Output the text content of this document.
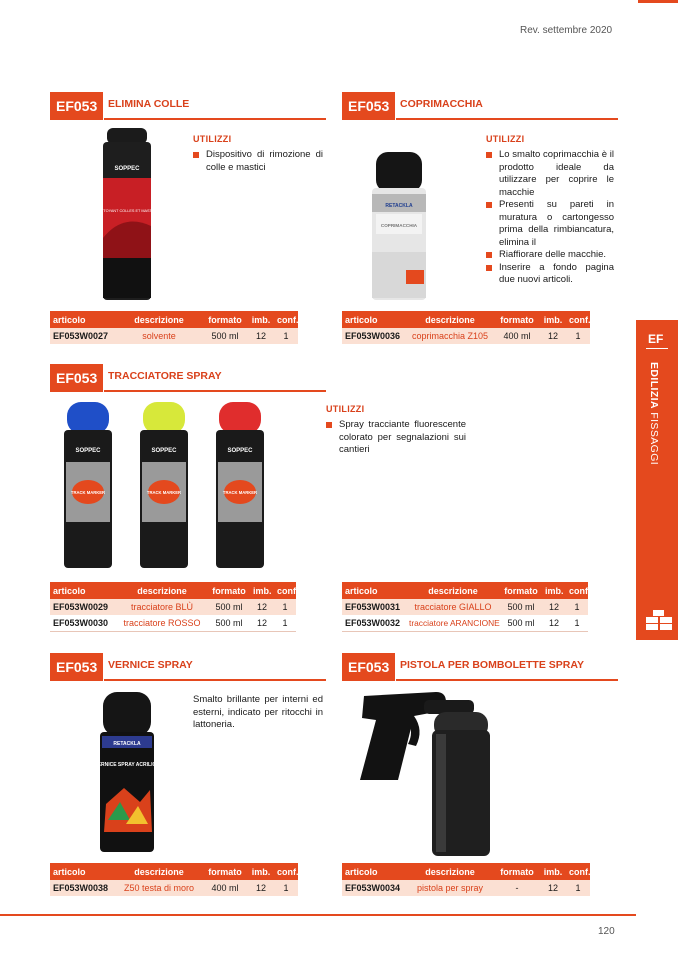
Rev. settembre 2020
EF053	ELIMINA COLLE
SOPPEC
NETTOYANT COLLES ET MASTICS
UTILIZZI
Dispositivo di rimozione di colle e mastici
articolo	descrizione	formato	imb.	conf.
EF053W0027	solvente	500 ml	12	1
EF053	COPRIMACCHIA
RETACKLA
COPRIMACCHIA
UTILIZZI
Lo smalto coprimacchia è il prodotto ideale da utilizzare per coprire le macchie
Presenti su pareti in muratura o cartongesso prima della rimbiancatura, elimina il
Riaffiorare delle macchie.
Inserire a fondo pagina due nuovi articoli.
articolo	descrizione	formato	imb.	conf.
EF053W0036	coprimacchia Z105	400 ml	12	1
EF053	TRACCIATORE SPRAY
SOPPEC
TRACK MARKER
SOPPEC
TRACK MARKER
SOPPEC
TRACK MARKER
UTILIZZI
Spray tracciante fluorescente colorato per segnalazioni sui cantieri
articolo	descrizione	formato	imb.	conf.
EF053W0029	tracciatore BLÙ	500 ml	12	1
EF053W0030	tracciatore ROSSO	500 ml	12	1
articolo	descrizione	formato	imb.	conf.
EF053W0031	tracciatore GIALLO	500 ml	12	1
EF053W0032	tracciatore ARANCIONE	500 ml	12	1
EF053	VERNICE SPRAY
RETACKLA
VERNICE SPRAY ACRILICA
Smalto brillante per interni ed esterni, indicato per ritocchi in lattoneria.
articolo	descrizione	formato	imb.	conf.
EF053W0038	Z50 testa di moro	400 ml	12	1
EF053	PISTOLA PER BOMBOLETTE SPRAY
articolo	descrizione	formato	imb.	conf.
EF053W0034	pistola per spray	-	12	1
EF
EDILIZIA FISSAGGI
120
